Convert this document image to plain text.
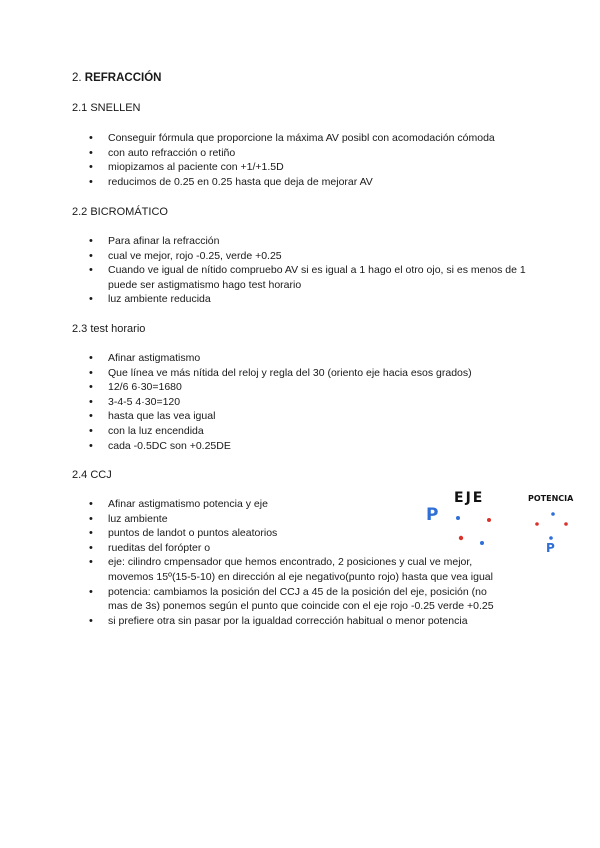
2. REFRACCIÓN
2.1 SNELLEN
• Conseguir fórmula que proporcione la máxima AV posibl con acomodación cómoda
• con auto refracción o retiño
• miopizamos al paciente con +1/+1.5D
• reducimos de 0.25 en 0.25 hasta que deja de mejorar AV
2.2 BICROMÁTICO
• Para afinar la refracción
• cual ve mejor, rojo -0.25, verde +0.25
• Cuando ve igual de nítido compruebo AV si es igual a 1 hago el otro ojo, si es menos de 1 puede ser astigmatismo hago test horario
• luz ambiente reducida
2.3 test horario
• Afinar astigmatismo
• Que línea ve más nítida del reloj y regla del 30 (oriento eje hacia esos grados)
• 12/6 6·30=1680
• 3-4-5 4·30=120
• hasta que las vea igual
• con la luz encendida
• cada -0.5DC son +0.25DE
2.4 CCJ
• Afinar astigmatismo potencia y eje
• luz ambiente
• puntos de landot o puntos aleatorios
• rueditas del forópter o
• eje: cilindro cmpensador que hemos encontrado, 2 posiciones y cual ve mejor, movemos 15º(15-5-10) en dirección al eje negativo(punto rojo) hasta que vea igual
• potencia: cambiamos la posición del CCJ a 45 de la posición del eje, posición (no mas de 3s) ponemos según el punto que coincide con el eje rojo -0.25 verde +0.25
• si prefiere otra sin pasar por la igualdad corrección habitual o menor potencia
P
EJE	POTENCIA
P
